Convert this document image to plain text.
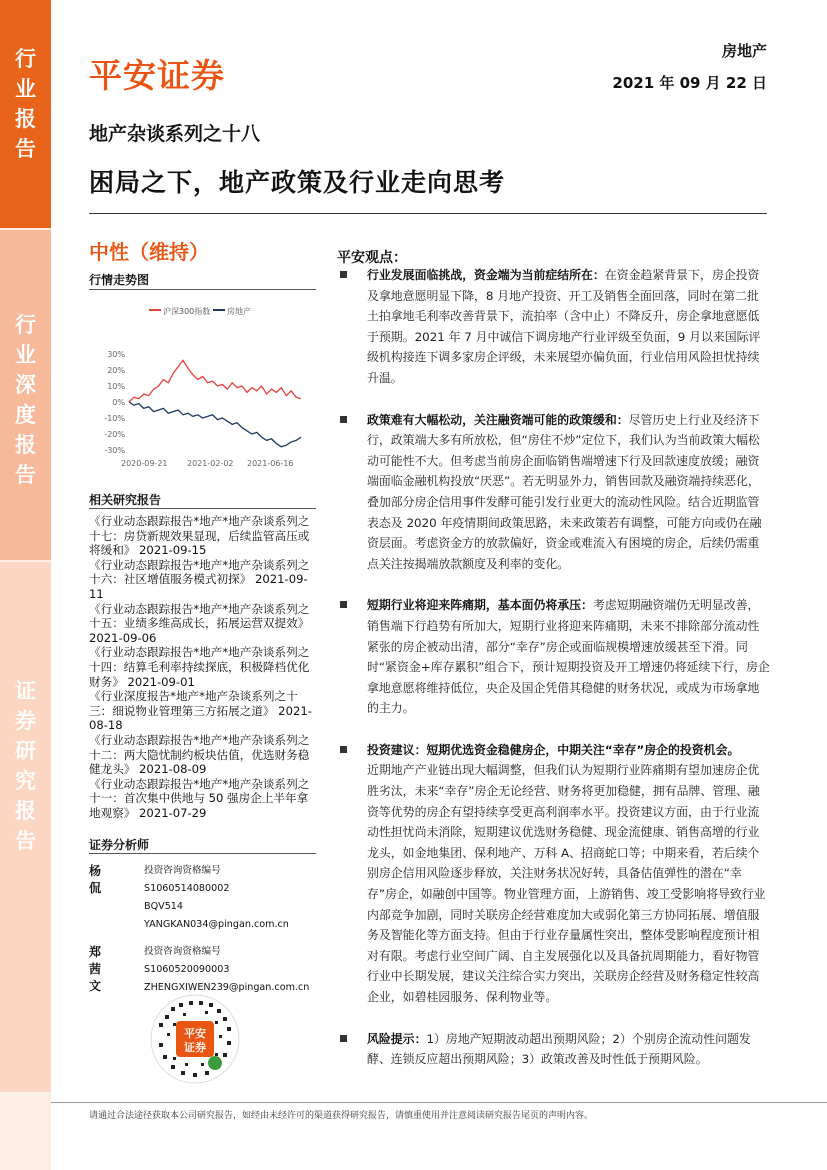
行业报告
行业深度报告
证券研究报告
平安证券
房地产
2021 年 09 月 22 日
地产杂谈系列之十八
困局之下，地产政策及行业走向思考
中性（维持）
行情走势图
沪深300指数 房地产
30%
20%
10%
0%
-10%
-20%
-30%
2020-09-21 2021-02-02 2021-06-16
相关研究报告

《行业动态跟踪报告*地产*地产杂谈系列之十七：房贷新规效果显现，后续监管高压或将缓和》 2021-09-15

《行业动态跟踪报告*地产*地产杂谈系列之十六：社区增值服务模式初探》 2021-09-11

《行业动态跟踪报告*地产*地产杂谈系列之十五：业绩多维高成长，拓展运营双提效》 2021-09-06

《行业动态跟踪报告*地产*地产杂谈系列之十四：结算毛利率持续探底，积极降档优化财务》 2021-09-01

《行业深度报告*地产*地产杂谈系列之十三：细说物业管理第三方拓展之道》 2021-08-18

《行业动态跟踪报告*地产*地产杂谈系列之十二：两大隐忧制约板块估值，优选财务稳健龙头》 2021-08-09

《行业动态跟踪报告*地产*地产杂谈系列之十一：首次集中供地与 50 强房企上半年拿地观察》 2021-07-29

证券分析师
杨侃
投资咨询资格编号
S1060514080002
BQV514
YANGKAN034@pingan.com.cn
郑茜文
投资咨询资格编号
S1060520090003
ZHENGXIWEN239@pingan.com.cn
平安
证券
平安观点：
行业发展面临挑战，资金端为当前症结所在：在资金趋紧背景下，房企投资及拿地意愿明显下降，8 月地产投资、开工及销售全面回落，同时在第二批土拍拿地毛利率改善背景下，流拍率（含中止）不降反升，房企拿地意愿低于预期。2021 年 7 月中诚信下调房地产行业评级至负面，9 月以来国际评级机构接连下调多家房企评级，未来展望亦偏负面，行业信用风险担忧持续升温。
政策难有大幅松动，关注融资端可能的政策缓和：尽管历史上行业及经济下行，政策端大多有所放松，但“房住不炒”定位下，我们认为当前政策大幅松动可能性不大。但考虑当前房企面临销售端增速下行及回款速度放缓；融资端面临金融机构投放“厌恶”。若无明显外力，销售回款及融资端持续恶化，叠加部分房企信用事件发酵可能引发行业更大的流动性风险。结合近期监管表态及 2020 年疫情期间政策思路，未来政策若有调整，可能方向或仍在融资层面。考虑资金方的放款偏好，资金或难流入有困境的房企，后续仍需重点关注按揭端放款额度及利率的变化。
短期行业将迎来阵痛期，基本面仍将承压：考虑短期融资端仍无明显改善，销售端下行趋势有所加大，短期行业将迎来阵痛期，未来不排除部分流动性紧张的房企被动出清，部分“幸存”房企或面临规模增速放缓甚至下滑。同时“紧资金+库存累积”组合下，预计短期投资及开工增速仍将延续下行，房企拿地意愿将维持低位，央企及国企凭借其稳健的财务状况，或成为市场拿地的主力。
投资建议：短期优选资金稳健房企，中期关注“幸存”房企的投资机会。
近期地产产业链出现大幅调整，但我们认为短期行业阵痛期有望加速房企优胜劣汰，未来“幸存”房企无论经营、财务将更加稳健，拥有品牌、管理、融资等优势的房企有望持续享受更高利润率水平。投资建议方面，由于行业流动性担忧尚未消除，短期建议优选财务稳健、现金流健康、销售高增的行业龙头，如金地集团、保利地产、万科 A、招商蛇口等；中期来看，若后续个别房企信用风险逐步释放，关注财务状况好转，具备估值弹性的潜在“幸存”房企，如融创中国等。物业管理方面，上游销售、竣工受影响将导致行业内部竞争加剧，同时关联房企经营难度加大或弱化第三方协同拓展、增值服务及智能化等方面支持。但由于行业存量属性突出，整体受影响程度预计相对有限。考虑行业空间广阔、自主发展强化以及具备抗周期能力，看好物管行业中长期发展，建议关注综合实力突出，关联房企经营及财务稳定性较高企业，如碧桂园服务、保利物业等。
风险提示：1）房地产短期波动超出预期风险；2）个别房企流动性问题发酵、连锁反应超出预期风险；3）政策改善及时性低于预期风险。
请通过合法途径获取本公司研究报告，如经由未经许可的渠道获得研究报告，请慎重使用并注意阅读研究报告尾页的声明内容。
